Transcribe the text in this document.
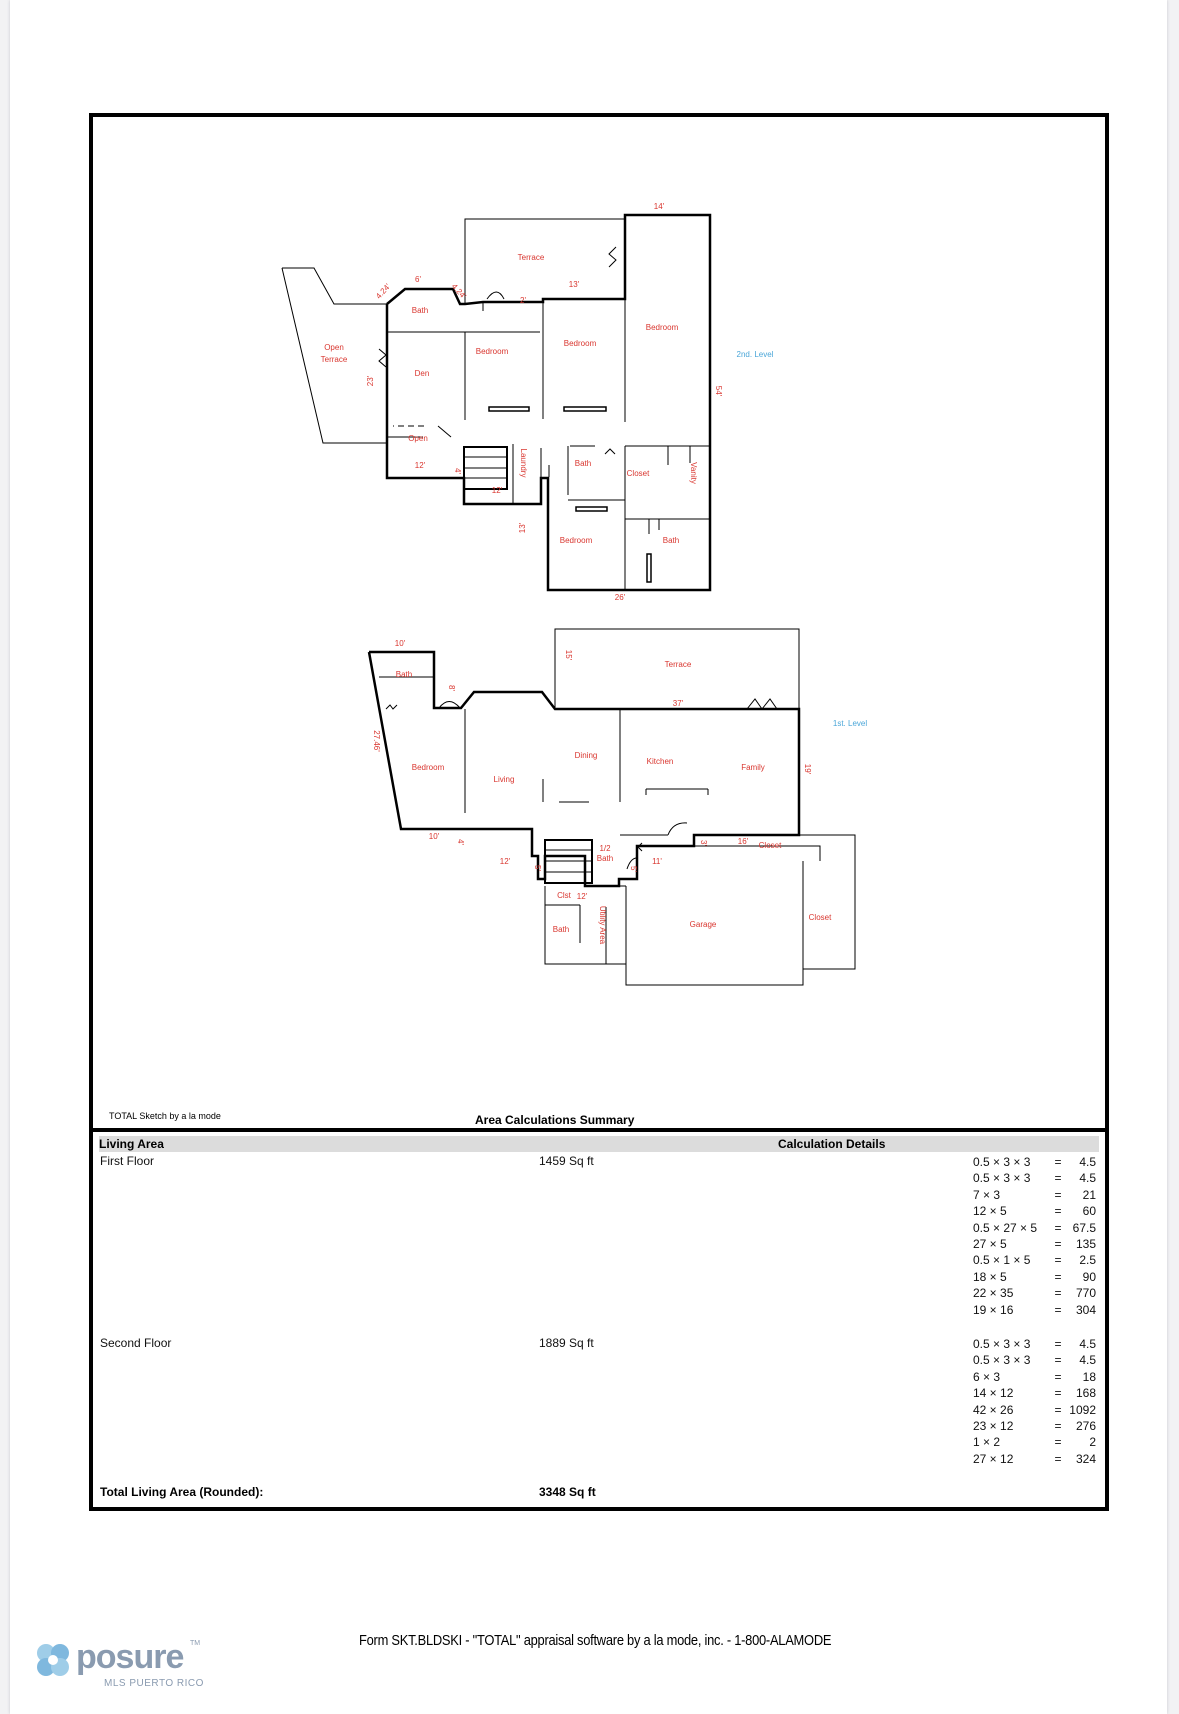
14'
Terrace
6'
4.24'	4.24'	13'
2'
Bath
Open
Terrace
Den
Bedroom
Bedroom
Bedroom
2nd. Level
23'
54'
Open
Laundry	Bath
Closet	Vanity
12'
4'
12'
13'
Bedroom	Bath
26'
10'
Bath
8'
15'
Terrace
37'
1st. Level
27.46'
Bedroom
Living
Dining
Kitchen
Family	19'
10'
4'
12'
5'
1/2
Bath
5'
11'
3'	16' Closet
Clst 12'
Utility Area
Bath
Garage
Closet
TOTAL Sketch by a la mode	Area Calculations Summary
Living Area	Calculation Details
First Floor	1459 Sq ft	0.5 × 3 × 3	=	4.5
0.5 × 3 × 3	=	4.5
7 × 3	=	21
12 × 5	=	60
0.5 × 27 × 5	= 67.5
27 × 5	=	135
0.5 × 1 × 5	=	2.5
18 × 5	=	90
22 × 35	=	770
19 × 16	=	304
Second Floor	1889 Sq ft	0.5 × 3 × 3	=	4.5
0.5 × 3 × 3	=	4.5
6 × 3	=	18
14 × 12	=	168
42 × 26	= 1092
23 × 12	=	276
1 × 2	=	2
27 × 12	=	324
Total Living Area (Rounded):	3348 Sq ft
Form SKT.BLDSKI - "TOTAL" appraisal software by a la mode, inc. - 1-800-ALAMODE
posure TM
MLS PUERTO RICO
